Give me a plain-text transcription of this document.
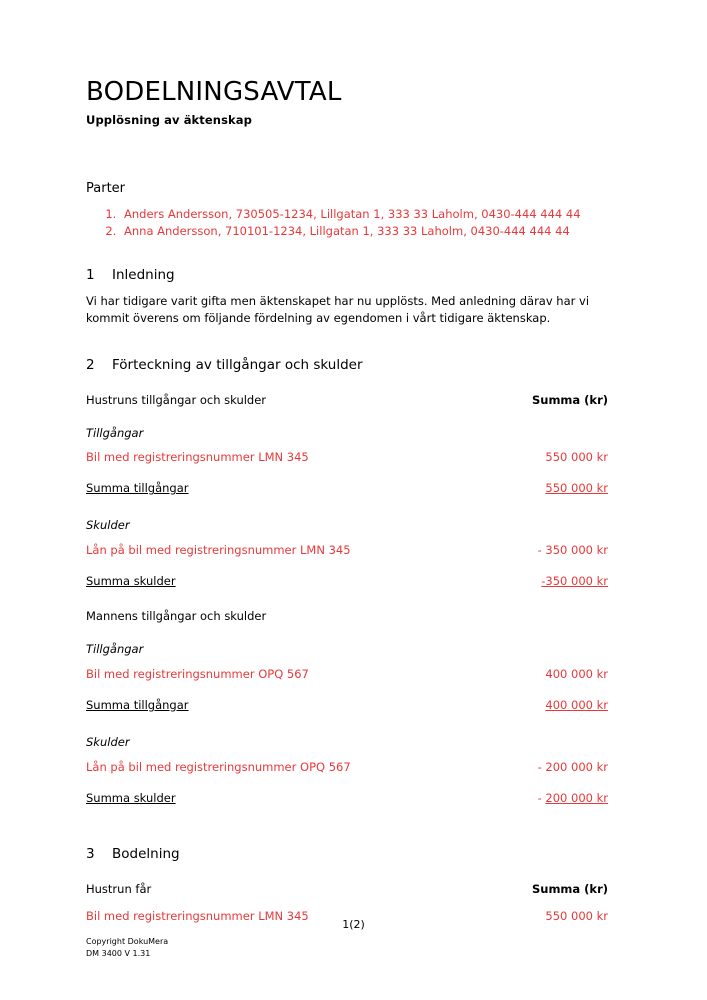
BODELNINGSAVTAL

Upplösning av äktenskap

Parter
1. Anders Andersson, 730505-1234, Lillgatan 1, 333 33 Laholm, 0430-444 444 44
2. Anna Andersson, 710101-1234, Lillgatan 1, 333 33 Laholm, 0430-444 444 44
1	Inledning

Vi har tidigare varit gifta men äktenskapet har nu upplösts. Med anledning därav har vi kommit överens om följande fördelning av egendomen i vårt tidigare äktenskap.

2	Förteckning av tillgångar och skulder
Hustruns tillgångar och skulder	Summa (kr)
Tillgångar
Bil med registreringsnummer LMN 345	550 000 kr
Summa tillgångar	550 000 kr
Skulder
Lån på bil med registreringsnummer LMN 345	- 350 000 kr
Summa skulder	-350 000 kr
Mannens tillgångar och skulder
Tillgångar
Bil med registreringsnummer OPQ 567	400 000 kr
Summa tillgångar	400 000 kr
Skulder
Lån på bil med registreringsnummer OPQ 567	- 200 000 kr
Summa skulder	- 200 000 kr
3	Bodelning
Hustrun får	Summa (kr)
Bil med registreringsnummer LMN 345	550 000 kr
1(2)
Copyright DokuMera
DM 3400 V 1.31
